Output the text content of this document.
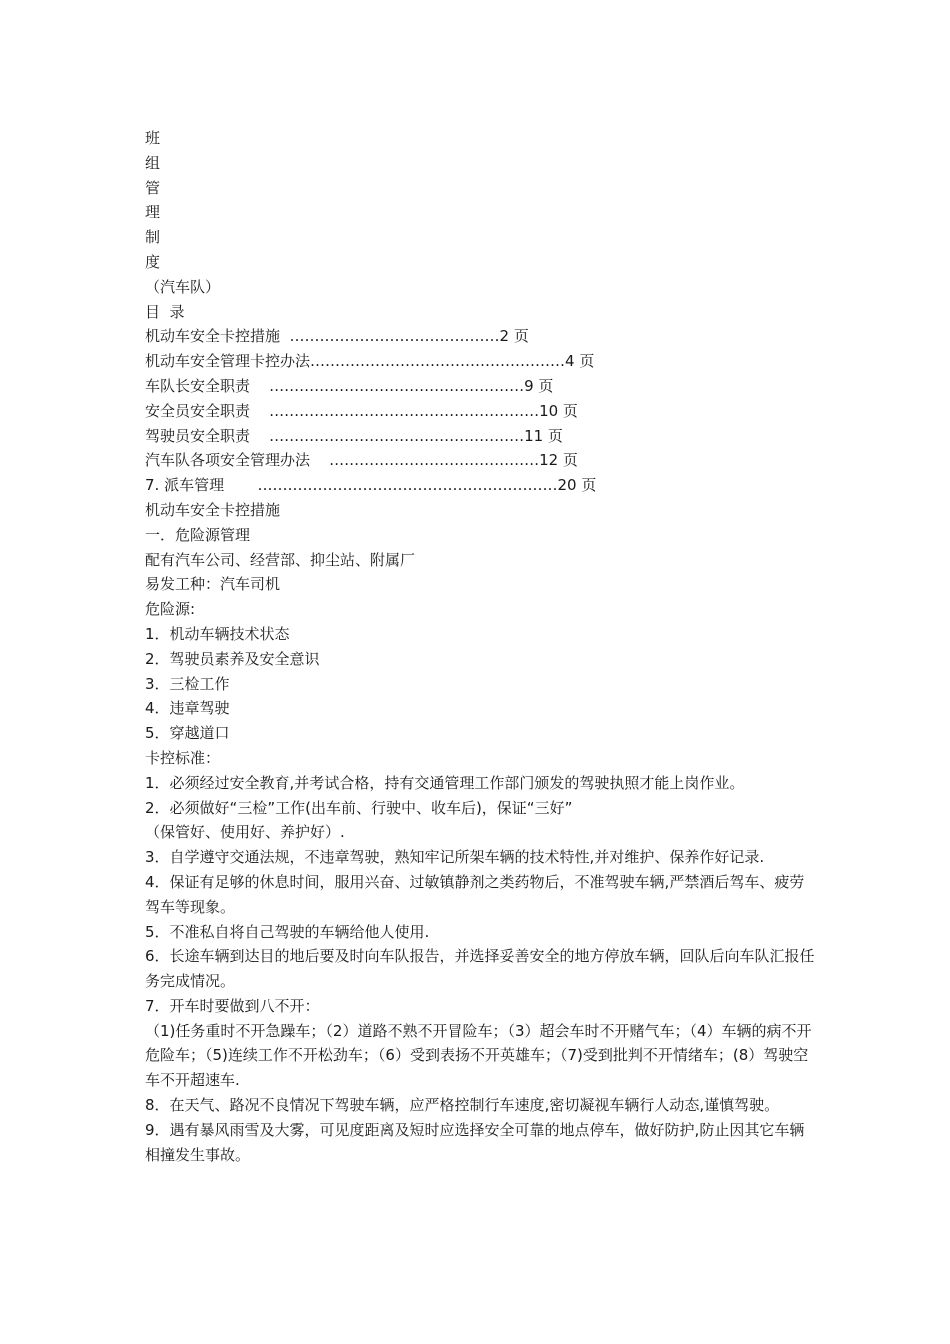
班
组
管
理
制
度
（汽车队）
目  录
机动车安全卡控措施 …………………………………… 2 页
机动车安全管理卡控办法 …………………………………………… 4 页
车队长安全职责 …………………………………………… 9 页
安全员安全职责 ……………………………………………… 10 页
驾驶员安全职责 …………………………………………… 11 页
汽车队各项安全管理办法 …………………………………… 12 页
7. 派车管理 …………………………………………………… 20 页
机动车安全卡控措施
一．危险源管理
配有汽车公司、经营部、抑尘站、附属厂
易发工种：汽车司机
危险源:
1．机动车辆技术状态
2．驾驶员素养及安全意识
3．三检工作
4．违章驾驶
5．穿越道口
卡控标准：
1．必须经过安全教育,并考试合格，持有交通管理工作部门颁发的驾驶执照才能上岗作业。
2．必须做好“三检”工作(出车前、行驶中、收车后)，保证“三好”
（保管好、使用好、养护好）.
3．自学遵守交通法规，不违章驾驶，熟知牢记所架车辆的技术特性,并对维护、保养作好记录.
4．保证有足够的休息时间，服用兴奋、过敏镇静剂之类药物后，不准驾驶车辆,严禁酒后驾车、疲劳驾车等现象。
5．不准私自将自己驾驶的车辆给他人使用.
6．长途车辆到达目的地后要及时向车队报告，并选择妥善安全的地方停放车辆，回队后向车队汇报任务完成情况。
7．开车时要做到八不开：
（1)任务重时不开急躁车；（2）道路不熟不开冒险车；（3）超会车时不开赌气车；（4）车辆的病不开危险车；（5)连续工作不开松劲车；（6）受到表扬不开英雄车；（7)受到批判不开情绪车；(8）驾驶空车不开超速车.
8．在天气、路况不良情况下驾驶车辆，应严格控制行车速度,密切凝视车辆行人动态,谨慎驾驶。
9．遇有暴风雨雪及大雾，可见度距离及短时应选择安全可靠的地点停车，做好防护,防止因其它车辆相撞发生事故。
